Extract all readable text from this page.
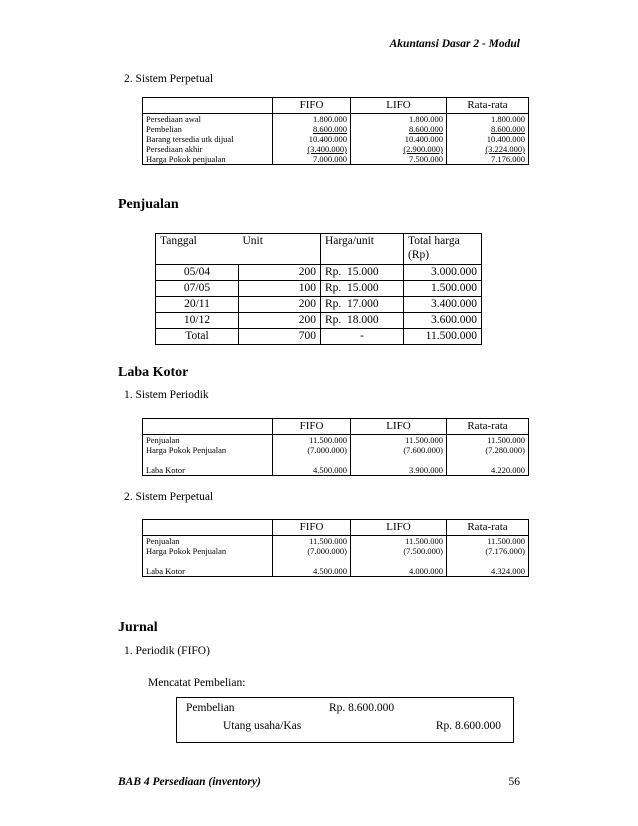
Akuntansi Dasar 2 - Modul
2. Sistem Perpetual
	FIFO	LIFO	Rata-rata
Persediaan awal	1.800.000	1.800.000	1.800.000
Pembelian	8.600.000	8.600.000	8.600.000
Barang tersedia utk dijual	10.400.000	10.400.000	10.400.000
Persediaan akhir	(3.400.000)	(2.900.000)	(3.224.000)
Harga Pokok penjualan	7.000.000	7.500.000	7.176.000
Penjualan
Tanggal	Unit	Harga/unit	Total harga (Rp)
05/04	200	Rp. 15.000	3.000.000
07/05	100	Rp. 15.000	1.500.000
20/11	200	Rp. 17.000	3.400.000
10/12	200	Rp. 18.000	3.600.000
Total	700	-	11.500.000
Laba Kotor
1. Sistem Periodik
	FIFO	LIFO	Rata-rata
Penjualan	11.500.000	11.500.000	11.500.000
Harga Pokok Penjualan	(7.000.000)	(7.600.000)	(7.280.000)

Laba Kotor	4.500.000	3.900.000	4.220.000
2. Sistem Perpetual
	FIFO	LIFO	Rata-rata
Penjualan	11.500.000	11.500.000	11.500.000
Harga Pokok Penjualan	(7.000.000)	(7.500.000)	(7.176.000)

Laba Kotor	4.500.000	4.000.000	4.324.000
Jurnal
1. Periodik (FIFO)
Mencatat Pembelian:
Pembelian	Rp. 8.600.000
Utang usaha/Kas	Rp. 8.600.000
BAB 4 Persediaan (inventory)	56
